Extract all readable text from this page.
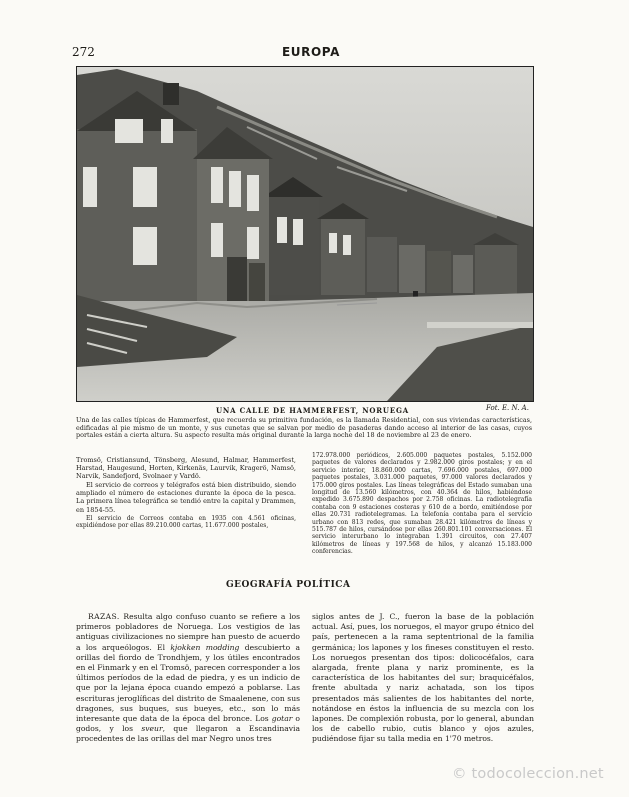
272	EUROPA
UNA CALLE DE HAMMERFEST, NORUEGA	Fot. E. N. A.
Una de las calles típicas de Hammerfest, que recuerda su primitiva fundación, es la llamada Residential, con sus viviendas características, edificadas al pie mismo de un monte, y sus cunetas que se salvan por medio de pasaderas dando acceso al interior de las casas, cuyos portales están a cierta altura. Su aspecto resulta más original durante la larga noche del 18 de noviembre al 23 de enero.

Tromsö, Cristiansund, Tönsberg, Alesund, Halmar, Hammerfest, Harstad, Haugesund, Horten, Kirkenäs, Laurvik, Kragerö, Namsö, Narvik, Sandefjord, Svolnaer y Vardö.

El servicio de correos y telégrafos está bien distribuido, siendo ampliado el número de estaciones durante la época de la pesca. La primera línea telegráfica se tendió entre la capital y Drammen, en 1854-55.

El servicio de Correos contaba en 1935 con 4.561 oficinas, expidiéndose por ellas 89.210.000 cartas, 11.677.000 postales,

172.978.000 periódicos, 2.605.000 paquetes postales, 5.152.000 paquetes de valores declarados y 2.982.000 giros postales; y en el servicio interior, 18.860.000 cartas, 7.696.000 postales, 697.000 paquetes postales, 3.031.000 paquetes, 97.000 valores declarados y 175.000 giros postales. Las líneas telegráficas del Estado sumaban una longitud de 13.560 kilómetros, con 40.364 de hilos, habiéndose expedido 3.675.890 despachos por 2.758 oficinas. La radiotelegrafía contaba con 9 estaciones costeras y 610 de a bordo, emitiéndose por ellas 20.731 radiotelegramas. La telefonía contaba para el servicio urbano con 813 redes, que sumaban 28.421 kilómetros de líneas y 515.787 de hilos, cursándose por ellas 260.801.101 conversaciones. El servicio interurbano lo integraban 1.391 circuitos, con 27.407 kilómetros de líneas y 197.568 de hilos, y alcanzó 15.183.000 conferencias.

GEOGRAFÍA POLÍTICA
RAZAS. Resulta algo confuso cuanto se refiere a los primeros pobladores de Noruega. Los vestigios de las antiguas civilizaciones no siempre han puesto de acuerdo a los arqueólogos. El kjokken modding descubierto a orillas del fiordo de Trondhjem, y los útiles encontrados en el Finmark y en el Tromsö, parecen corresponder a los últimos períodos de la edad de piedra, y es un indicio de que por la lejana época cuando empezó a poblarse. Las escrituras jeroglíficas del distrito de Smaalenene, con sus dragones, sus buques, sus bueyes, etc., son lo más interesante que data de la época del bronce. Los gotar o godos, y los sveur, que llegaron a Escandinavia procedentes de las orillas del mar Negro unos tres
siglos antes de J. C., fueron la base de la población actual. Así, pues, los noruegos, el mayor grupo étnico del país, pertenecen a la rama septentrional de la familia germánica; los lapones y los fineses constituyen el resto. Los noruegos presentan dos tipos: dolicocéfalos, cara alargada, frente plana y nariz prominente, es la característica de los habitantes del sur; braquicéfalos, frente abultada y nariz achatada, son los tipos presentados más salientes de los habitantes del norte, notándose en éstos la influencia de su mezcla con los lapones. De complexión robusta, por lo general, abundan los de cabello rubio, cutis blanco y ojos azules, pudiéndose fijar su talla media en 1'70 metros.
© todocoleccion.net
